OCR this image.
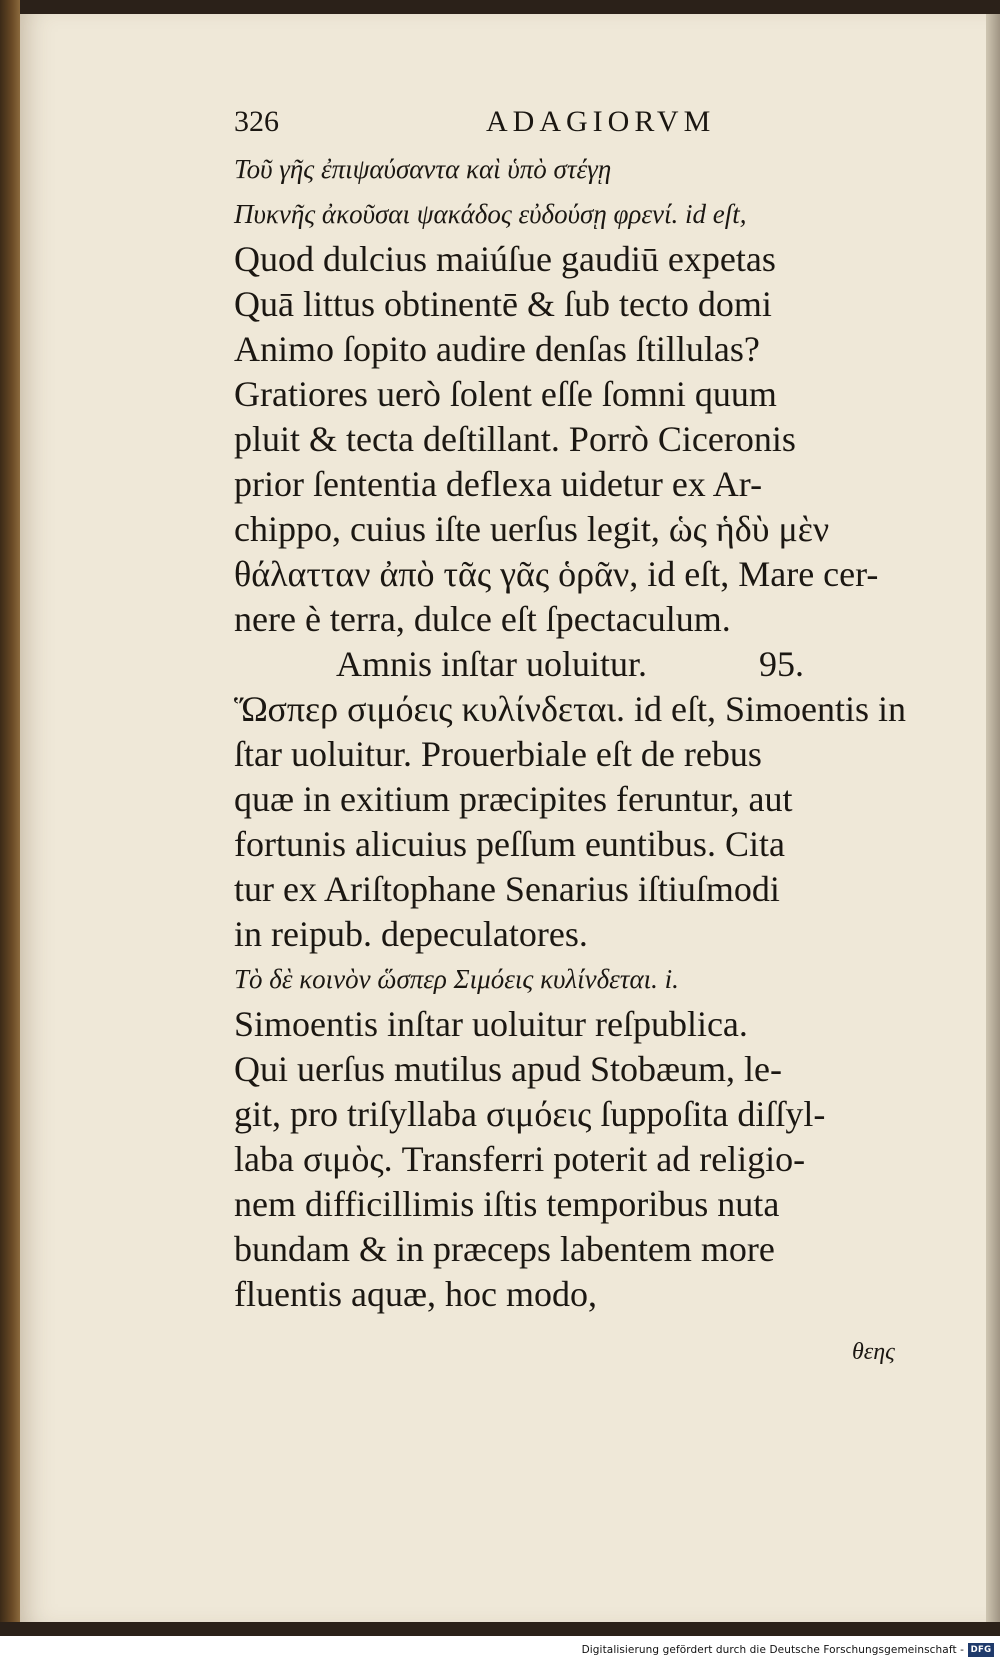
326	ADAGIORVM
Τοῦ γῆς ἐπιψαύσαντα καὶ ὑπὸ στέγῃ
Πυκνῆς ἀκοῦσαι ψακάδος εὐδούσῃ φρενί. id eſt,
Quod dulcius maiúſue gaudiū expetas
Quā littus obtinentē & ſub tecto domi
Animo ſopito audire denſas ſtillulas?
Gratiores uerò ſolent eſſe ſomni quum
pluit & tecta deſtillant. Porrò Ciceronis
prior ſententia deflexa uidetur ex Ar-
chippo, cuius iſte uerſus legit, ὡς ἡδὺ μὲν
θάλατταν ἀπὸ τᾶς γᾶς ὁρᾶν, id eſt, Mare cer-
nere è terra, dulce eſt ſpectaculum.
Amnis inſtar uoluitur.	95.
Ὥσπερ σιμόεις κυλίνδεται. id eſt, Simoentis in
ſtar uoluitur. Prouerbiale eſt de rebus
quæ in exitium præcipites feruntur, aut
fortunis alicuius peſſum euntibus. Cita
tur ex Ariſtophane Senarius iſtiuſmodi
in reipub. depeculatores.
Τὸ δὲ κοινὸν ὥσπερ Σιμόεις κυλίνδεται. i.
Simoentis inſtar uoluitur reſpublica.
Qui uerſus mutilus apud Stobæum, le-
git, pro triſyllaba σιμόεις ſuppoſita diſſyl-
laba σιμὸς. Transferri poterit ad religio-
nem difficillimis iſtis temporibus nuta
bundam & in præceps labentem more
fluentis aquæ, hoc modo,
θεης
Digitalisierung gefördert durch die Deutsche Forschungsgemeinschaft - DFG
